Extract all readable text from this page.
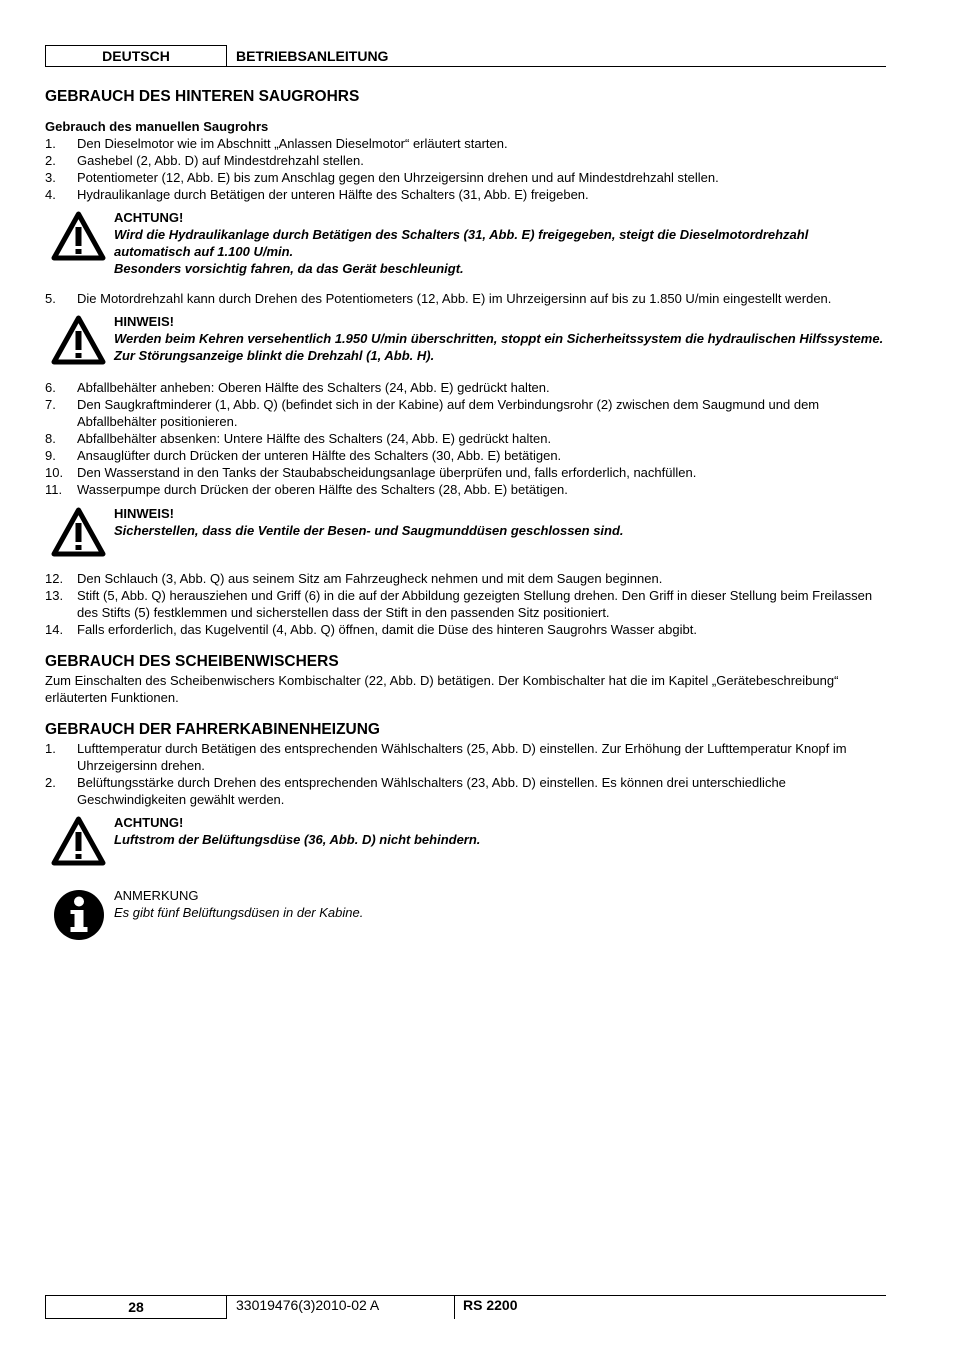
DEUTSCH	BETRIEBSANLEITUNG
GEBRAUCH DES HINTEREN SAUGROHRS
Gebrauch des manuellen Saugrohrs
1. Den Dieselmotor wie im Abschnitt „Anlassen Dieselmotor“ erläutert starten.
2. Gashebel (2, Abb. D) auf Mindestdrehzahl stellen.
3. Potentiometer (12, Abb. E) bis zum Anschlag gegen den Uhrzeigersinn drehen und auf Mindestdrehzahl stellen.
4. Hydraulikanlage durch Betätigen der unteren Hälfte des Schalters (31, Abb. E) freigeben.
ACHTUNG!
Wird die Hydraulikanlage durch Betätigen des Schalters (31, Abb. E) freigegeben, steigt die Dieselmotordrehzahl automatisch auf 1.100 U/min.
Besonders vorsichtig fahren, da das Gerät beschleunigt.
5. Die Motordrehzahl kann durch Drehen des Potentiometers (12, Abb. E) im Uhrzeigersinn auf bis zu 1.850 U/min eingestellt werden.
HINWEIS!
Werden beim Kehren versehentlich 1.950 U/min überschritten, stoppt ein Sicherheitssystem die hydraulischen Hilfssysteme. Zur Störungsanzeige blinkt die Drehzahl (1, Abb. H).
6. Abfallbehälter anheben: Oberen Hälfte des Schalters (24, Abb. E) gedrückt halten.
7. Den Saugkraftminderer (1, Abb. Q) (befindet sich in der Kabine) auf dem Verbindungsrohr (2) zwischen dem Saugmund und dem Abfallbehälter positionieren.
8. Abfallbehälter absenken: Untere Hälfte des Schalters (24, Abb. E) gedrückt halten.
9. Ansauglüfter durch Drücken der unteren Hälfte des Schalters (30, Abb. E) betätigen.
10. Den Wasserstand in den Tanks der Staubabscheidungsanlage überprüfen und, falls erforderlich, nachfüllen.
11. Wasserpumpe durch Drücken der oberen Hälfte des Schalters (28, Abb. E) betätigen.
HINWEIS!
Sicherstellen, dass die Ventile der Besen- und Saugmunddüsen geschlossen sind.
12. Den Schlauch (3, Abb. Q) aus seinem Sitz am Fahrzeugheck nehmen und mit dem Saugen beginnen.
13. Stift (5, Abb. Q) herausziehen und Griff (6) in die auf der Abbildung gezeigten Stellung drehen. Den Griff in dieser Stellung beim Freilassen des Stifts (5) festklemmen und sicherstellen dass der Stift in den passenden Sitz positioniert.
14. Falls erforderlich, das Kugelventil (4, Abb. Q) öffnen, damit die Düse des hinteren Saugrohrs Wasser abgibt.
GEBRAUCH DES SCHEIBENWISCHERS

Zum Einschalten des Scheibenwischers Kombischalter (22, Abb. D) betätigen. Der Kombischalter hat die im Kapitel „Gerätebeschreibung“ erläuterten Funktionen.

GEBRAUCH DER FAHRERKABINENHEIZUNG
1. Lufttemperatur durch Betätigen des entsprechenden Wählschalters (25, Abb. D) einstellen. Zur Erhöhung der Lufttemperatur Knopf im Uhrzeigersinn drehen.
2. Belüftungsstärke durch Drehen des entsprechenden Wählschalters (23, Abb. D) einstellen. Es können drei unterschiedliche Geschwindigkeiten gewählt werden.
ACHTUNG!
Luftstrom der Belüftungsdüse (36, Abb. D) nicht behindern.
ANMERKUNG
Es gibt fünf Belüftungsdüsen in der Kabine.
28	33019476(3)2010-02 A	RS 2200
